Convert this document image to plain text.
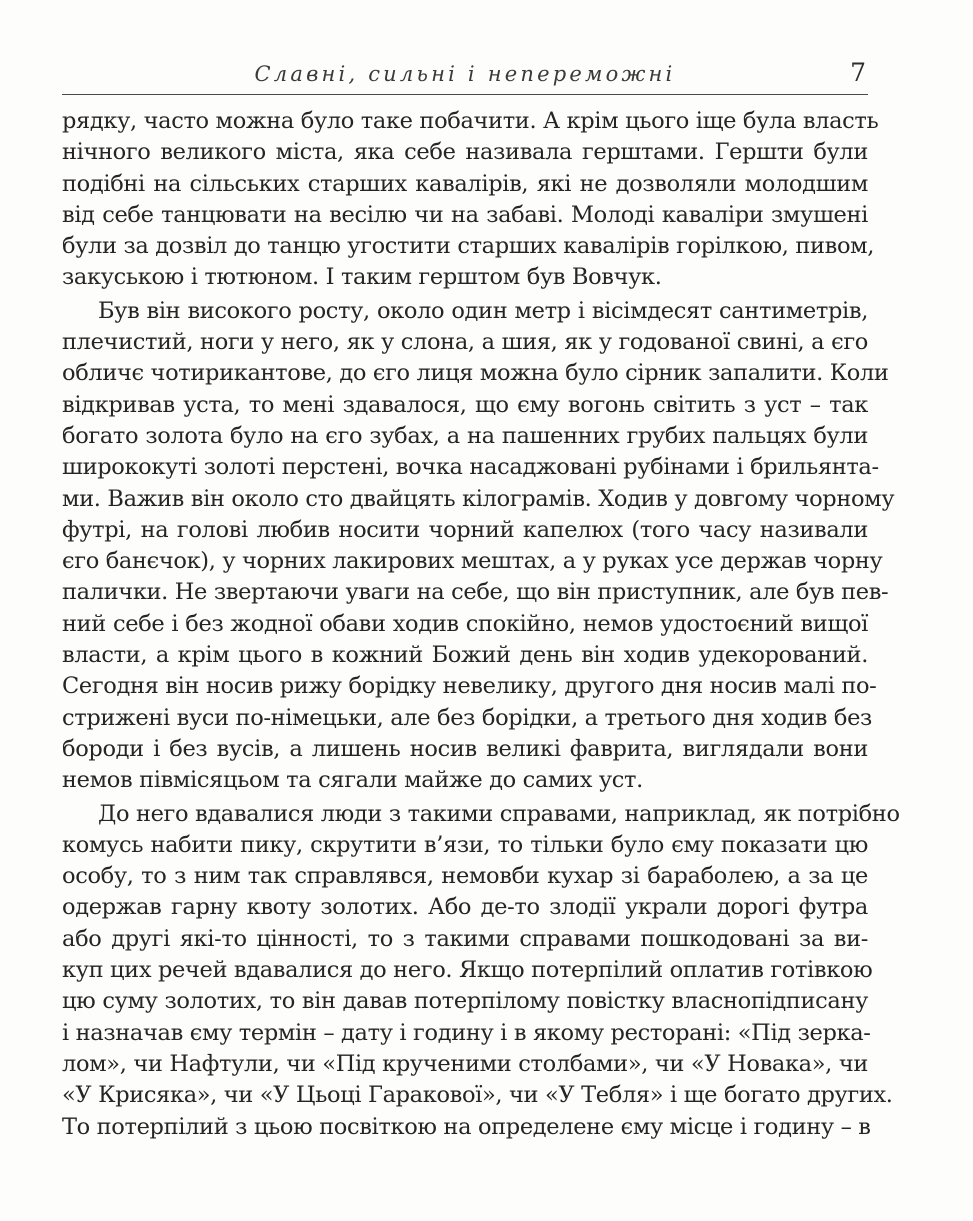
Славні, сильні і непереможні	7
рядку, часто можна було таке побачити. А крім цього іще була власть
нічного великого міста, яка себе називала герштами. Гершти були
подібні на сільських старших кавалірів, які не дозволяли молодшим
від себе танцювати на весілю чи на забаві. Молоді кавалiри змушені
були за дозвіл до танцю угостити старших кавалірів горілкою, пивом,
закуською і тютюном. І таким герштом був Вовчук.
Був він високого росту, около один метр і вісімдесят сантиметрів,
плечистий, ноги у него, як у слона, а шия, як у годованої свині, а єго
обличє чотирикантове, до єго лиця можна було сірник запалити. Коли
відкривав уста, то мені здавалося, що єму вогонь світить з уст – так
богато золота було на єго зубах, а на пашенних грубих пальцях були
ширококуті золоті перстені, вочка насаджовані рубінами і брильянта-
ми. Важив він около сто двайцять кілограмів. Ходив у довгому чорному
футрі, на голові любив носити чорний капелюх (того часу називали
єго банєчок), у чорних лакирових мештах, а у руках усе держав чорну
палички. Не звертаючи уваги на себе, що він приступник, але був пев-
ний себе і без жодної обави ходив спокійно, немов удостоєний вищої
власти, а крім цього в кожний Божий день він ходив удекорований.
Сегодня він носив рижу борідку невелику, другого дня носив малі по-
стрижені вуси по-німецьки, але без борідки, а третього дня ходив без
бороди і без вусів, а лишень носив великі фаврита, виглядали вони
немов півмісяцьом та сягали майже до самих уст.
До него вдавалися люди з такими справами, наприклад, як потрібно
комусь набити пику, скрутити в’язи, то тільки було єму показати цю
особу, то з ним так справлявся, немовби кухар зі бараболею, а за це
одержав гарну квоту золотих. Або де-то злодії украли дорогі футра
або другі які-то цінності, то з такими справами пошкодовані за ви-
куп цих речей вдавалися до него. Якщо потерпілий оплатив готівкою
цю суму золотих, то він давав потерпілому повістку власнопідписану
і назначав єму термін – дату і годину і в якому ресторані: «Під зерка-
лом», чи Нафтули, чи «Під крученими столбами», чи «У Новака», чи
«У Крисяка», чи «У Цьоці Гаракової», чи «У Тебля» і ще богато других.
То потерпілий з цьою посвіткою на определене єму місце і годину – в
